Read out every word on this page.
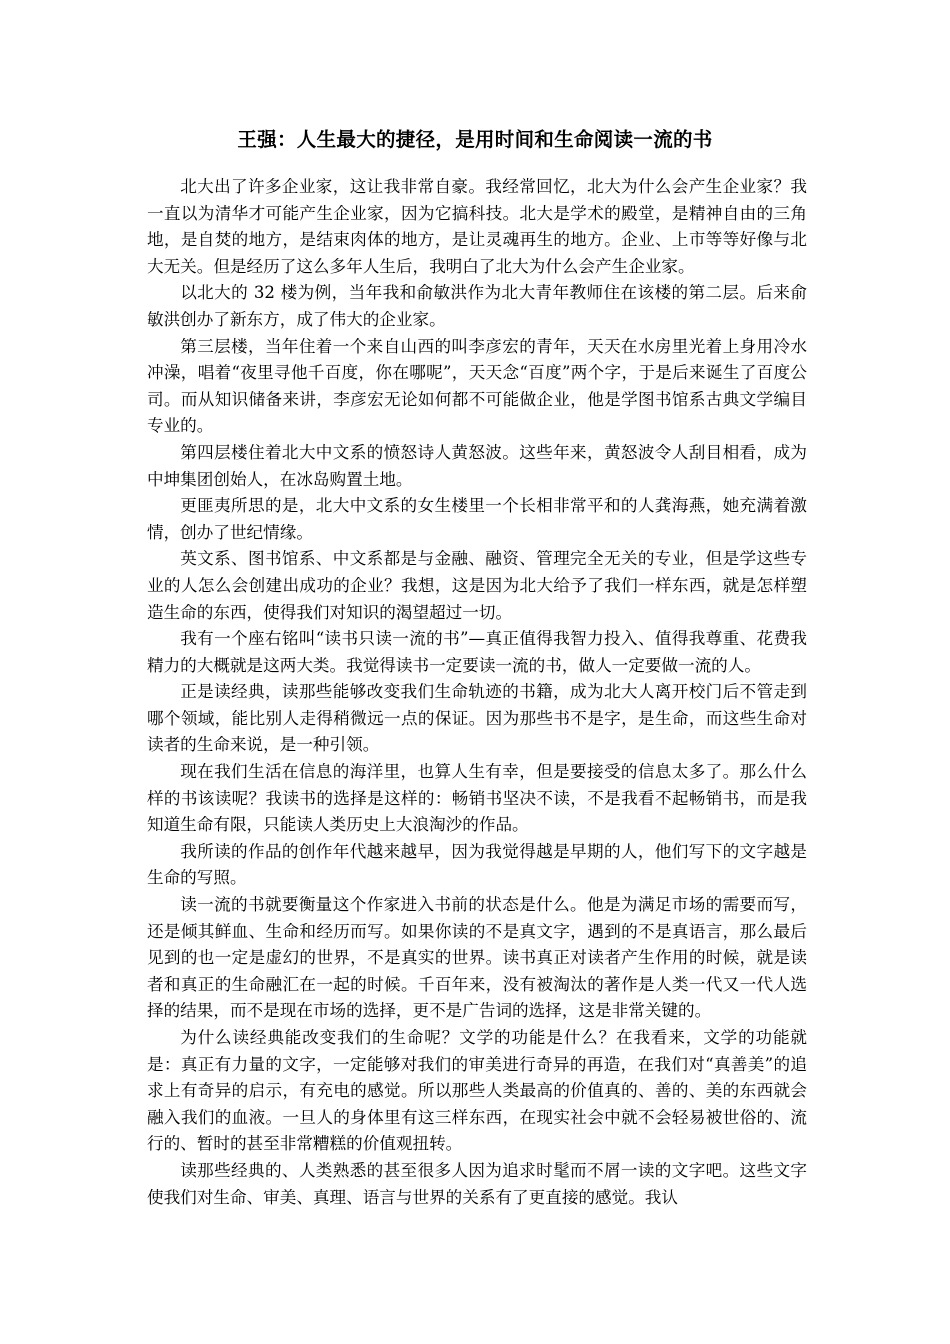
王强：人生最大的捷径，是用时间和生命阅读一流的书

北大出了许多企业家，这让我非常自豪。我经常回忆，北大为什么会产生企业家？我一直以为清华才可能产生企业家，因为它搞科技。北大是学术的殿堂，是精神自由的三角地，是自焚的地方，是结束肉体的地方，是让灵魂再生的地方。企业、上市等等好像与北大无关。但是经历了这么多年人生后，我明白了北大为什么会产生企业家。

以北大的 32 楼为例，当年我和俞敏洪作为北大青年教师住在该楼的第二层。后来俞敏洪创办了新东方，成了伟大的企业家。

第三层楼，当年住着一个来自山西的叫李彦宏的青年，天天在水房里光着上身用冷水冲澡，唱着“夜里寻他千百度，你在哪呢”，天天念“百度”两个字，于是后来诞生了百度公司。而从知识储备来讲，李彦宏无论如何都不可能做企业，他是学图书馆系古典文学编目专业的。

第四层楼住着北大中文系的愤怒诗人黄怒波。这些年来，黄怒波令人刮目相看，成为中坤集团创始人，在冰岛购置土地。

更匪夷所思的是，北大中文系的女生楼里一个长相非常平和的人龚海燕，她充满着激情，创办了世纪情缘。

英文系、图书馆系、中文系都是与金融、融资、管理完全无关的专业，但是学这些专业的人怎么会创建出成功的企业？我想，这是因为北大给予了我们一样东西，就是怎样塑造生命的东西，使得我们对知识的渴望超过一切。

我有一个座右铭叫“读书只读一流的书”—真正值得我智力投入、值得我尊重、花费我精力的大概就是这两大类。我觉得读书一定要读一流的书，做人一定要做一流的人。

正是读经典，读那些能够改变我们生命轨迹的书籍，成为北大人离开校门后不管走到哪个领域，能比别人走得稍微远一点的保证。因为那些书不是字，是生命，而这些生命对读者的生命来说，是一种引领。

现在我们生活在信息的海洋里，也算人生有幸，但是要接受的信息太多了。那么什么样的书该读呢？我读书的选择是这样的：畅销书坚决不读，不是我看不起畅销书，而是我知道生命有限，只能读人类历史上大浪淘沙的作品。

我所读的作品的创作年代越来越早，因为我觉得越是早期的人，他们写下的文字越是生命的写照。

读一流的书就要衡量这个作家进入书前的状态是什么。他是为满足市场的需要而写，还是倾其鲜血、生命和经历而写。如果你读的不是真文字，遇到的不是真语言，那么最后见到的也一定是虚幻的世界，不是真实的世界。读书真正对读者产生作用的时候，就是读者和真正的生命融汇在一起的时候。千百年来，没有被淘汰的著作是人类一代又一代人选择的结果，而不是现在市场的选择，更不是广告词的选择，这是非常关键的。

为什么读经典能改变我们的生命呢？文学的功能是什么？在我看来，文学的功能就是：真正有力量的文字，一定能够对我们的审美进行奇异的再造，在我们对“真善美”的追求上有奇异的启示，有充电的感觉。所以那些人类最高的价值真的、善的、美的东西就会融入我们的血液。一旦人的身体里有这三样东西，在现实社会中就不会轻易被世俗的、流行的、暂时的甚至非常糟糕的价值观扭转。

读那些经典的、人类熟悉的甚至很多人因为追求时髦而不屑一读的文字吧。这些文字使我们对生命、审美、真理、语言与世界的关系有了更直接的感觉。我认
